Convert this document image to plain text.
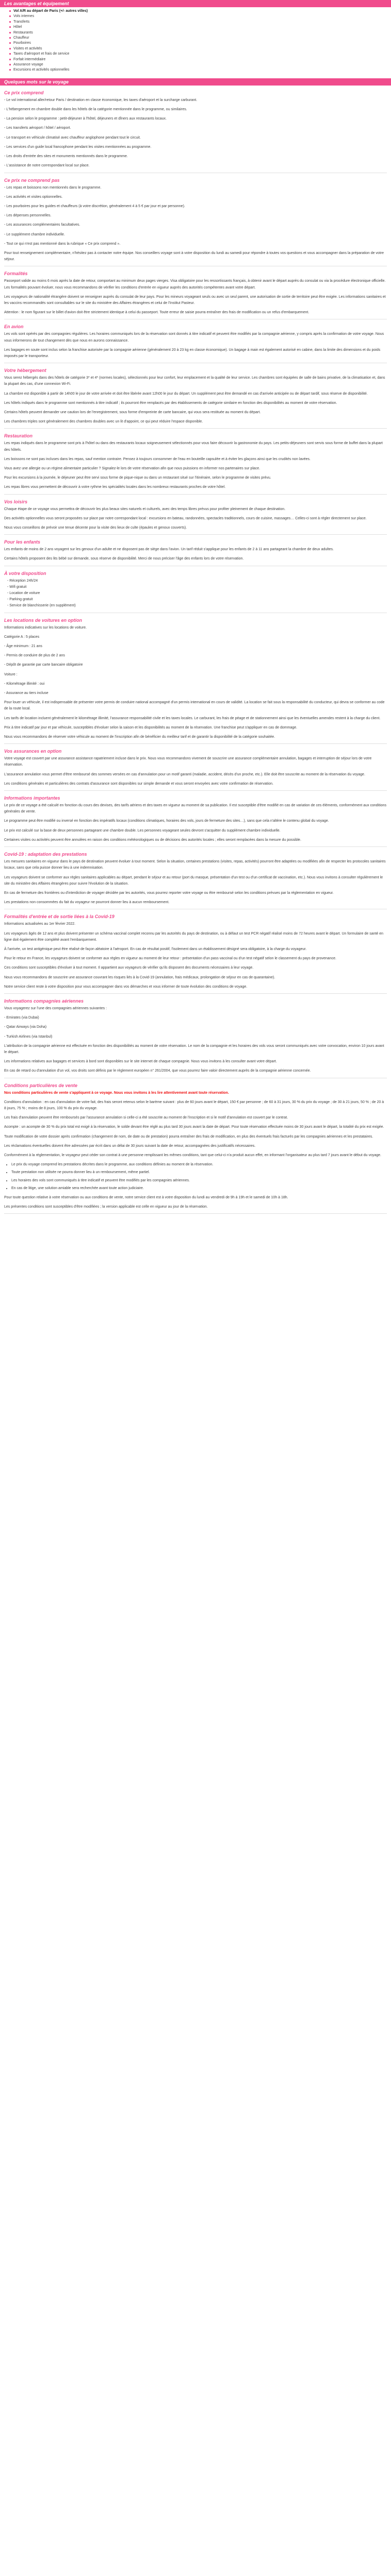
Les avantages et équipement
Vol A/R au départ de Paris (+/- autres villes)
Vols internes
Transferts
Hôtel
Restaurants
Chauffeur
Pourboires
Visites et activités
Taxes d'aéroport et frais de service
Forfait intermédiaire
Assurance voyage
Excursions et activités optionnelles
Quelques mots sur le voyage
Ce prix comprend

- Le vol international aller/retour Paris / destination en classe économique, les taxes d'aéroport et la surcharge carburant.

- L'hébergement en chambre double dans les hôtels de la catégorie mentionnée dans le programme, ou similaires.

- La pension selon le programme : petit-déjeuner à l'hôtel, déjeuners et dîners aux restaurants locaux.

- Les transferts aéroport / hôtel / aéroport.

- Le transport en véhicule climatisé avec chauffeur anglophone pendant tout le circuit.

- Les services d'un guide local francophone pendant les visites mentionnées au programme.

- Les droits d'entrée des sites et monuments mentionnés dans le programme.

- L'assistance de notre correspondant local sur place.

Ce prix ne comprend pas

- Les repas et boissons non mentionnés dans le programme.

- Les activités et visites optionnelles.

- Les pourboires pour les guides et chauffeurs (à votre discrétion, généralement 4 à 5 € par jour et par personne).

- Les dépenses personnelles.

- Les assurances complémentaires facultatives.

- Le supplément chambre individuelle.

- Tout ce qui n'est pas mentionné dans la rubrique « Ce prix comprend ».

Pour tout renseignement complémentaire, n'hésitez pas à contacter notre équipe. Nos conseillers voyage sont à votre disposition du lundi au samedi pour répondre à toutes vos questions et vous accompagner dans la préparation de votre séjour.

Formalités

Passeport valide au moins 6 mois après la date de retour, comportant au minimum deux pages vierges. Visa obligatoire pour les ressortissants français, à obtenir avant le départ auprès du consulat ou via la procédure électronique officielle. Les formalités pouvant évoluer, nous vous recommandons de vérifier les conditions d'entrée en vigueur auprès des autorités compétentes avant votre départ.

Les voyageurs de nationalité étrangère doivent se renseigner auprès du consulat de leur pays. Pour les mineurs voyageant seuls ou avec un seul parent, une autorisation de sortie de territoire peut être exigée. Les informations sanitaires et les vaccins recommandés sont consultables sur le site du ministère des Affaires étrangères et celui de l'Institut Pasteur.

Attention : le nom figurant sur le billet d'avion doit être strictement identique à celui du passeport. Toute erreur de saisie pourra entraîner des frais de modification ou un refus d'embarquement.

En avion

Les vols sont opérés par des compagnies régulières. Les horaires communiqués lors de la réservation sont donnés à titre indicatif et peuvent être modifiés par la compagnie aérienne, y compris après la confirmation de votre voyage. Nous vous informerons de tout changement dès que nous en aurons connaissance.

Les bagages en soute sont inclus selon la franchise autorisée par la compagnie aérienne (généralement 20 à 23 kg en classe économique). Un bagage à main est également autorisé en cabine, dans la limite des dimensions et du poids imposés par le transporteur.

Votre hébergement

Vous serez hébergés dans des hôtels de catégorie 3* et 4* (normes locales), sélectionnés pour leur confort, leur emplacement et la qualité de leur service. Les chambres sont équipées de salle de bains privative, de la climatisation et, dans la plupart des cas, d'une connexion Wi-Fi.

La chambre est disponible à partir de 14h00 le jour de votre arrivée et doit être libérée avant 12h00 le jour du départ. Un supplément peut être demandé en cas d'arrivée anticipée ou de départ tardif, sous réserve de disponibilité.

Les hôtels indiqués dans le programme sont mentionnés à titre indicatif ; ils pourront être remplacés par des établissements de catégorie similaire en fonction des disponibilités au moment de votre réservation.

Certains hôtels peuvent demander une caution lors de l'enregistrement, sous forme d'empreinte de carte bancaire, qui vous sera restituée au moment du départ.

Les chambres triples sont généralement des chambres doubles avec un lit d'appoint, ce qui peut réduire l'espace disponible.

Restauration

Les repas indiqués dans le programme sont pris à l'hôtel ou dans des restaurants locaux soigneusement sélectionnés pour vous faire découvrir la gastronomie du pays. Les petits-déjeuners sont servis sous forme de buffet dans la plupart des hôtels.

Les boissons ne sont pas incluses dans les repas, sauf mention contraire. Pensez à toujours consommer de l'eau en bouteille capsulée et à éviter les glaçons ainsi que les crudités non lavées.

Vous avez une allergie ou un régime alimentaire particulier ? Signalez-le lors de votre réservation afin que nous puissions en informer nos partenaires sur place.

Pour les excursions à la journée, le déjeuner peut être servi sous forme de pique-nique ou dans un restaurant situé sur l'itinéraire, selon le programme de visites prévu.

Les repas libres vous permettent de découvrir à votre rythme les spécialités locales dans les nombreux restaurants proches de votre hôtel.

Vos loisirs

Chaque étape de ce voyage vous permettra de découvrir les plus beaux sites naturels et culturels, avec des temps libres prévus pour profiter pleinement de chaque destination.

Des activités optionnelles vous seront proposées sur place par notre correspondant local : excursions en bateau, randonnées, spectacles traditionnels, cours de cuisine, massages… Celles-ci sont à régler directement sur place.

Nous vous conseillons de prévoir une tenue décente pour la visite des lieux de culte (épaules et genoux couverts).

Pour les enfants

Les enfants de moins de 2 ans voyagent sur les genoux d'un adulte et ne disposent pas de siège dans l'avion. Un tarif réduit s'applique pour les enfants de 2 à 11 ans partageant la chambre de deux adultes.

Certains hôtels proposent des lits bébé sur demande, sous réserve de disponibilité. Merci de nous préciser l'âge des enfants lors de votre réservation.

À votre disposition
- Réception 24h/24
- Wifi gratuit
- Location de voiture
- Parking gratuit
- Service de blanchisserie (en supplément)
Les locations de voitures en option

Informations indicatives sur les locations de voiture.

Catégorie A : 5 places

- Âge minimum : 21 ans

- Permis de conduire de plus de 2 ans

- Dépôt de garantie par carte bancaire obligatoire

Voiture :

- Kilométrage illimité : oui

- Assurance au tiers incluse

Pour louer un véhicule, il est indispensable de présenter votre permis de conduire national accompagné d'un permis international en cours de validité. La location se fait sous la responsabilité du conducteur, qui devra se conformer au code de la route local.

Les tarifs de location incluent généralement le kilométrage illimité, l'assurance responsabilité civile et les taxes locales. Le carburant, les frais de péage et de stationnement ainsi que les éventuelles amendes restent à la charge du client.

Prix à titre indicatif par jour et par véhicule, susceptibles d'évoluer selon la saison et les disponibilités au moment de la réservation. Une franchise peut s'appliquer en cas de dommage.

Nous vous recommandons de réserver votre véhicule au moment de l'inscription afin de bénéficier du meilleur tarif et de garantir la disponibilité de la catégorie souhaitée.

Vos assurances en option

Votre voyage est couvert par une assurance assistance rapatriement incluse dans le prix. Nous vous recommandons vivement de souscrire une assurance complémentaire annulation, bagages et interruption de séjour lors de votre réservation.

L'assurance annulation vous permet d'être remboursé des sommes versées en cas d'annulation pour un motif garanti (maladie, accident, décès d'un proche, etc.). Elle doit être souscrite au moment de la réservation du voyage.

Les conditions générales et particulières des contrats d'assurance sont disponibles sur simple demande et vous seront envoyées avec votre confirmation de réservation.

Informations importantes

Le prix de ce voyage a été calculé en fonction du cours des devises, des tarifs aériens et des taxes en vigueur au moment de sa publication. Il est susceptible d'être modifié en cas de variation de ces éléments, conformément aux conditions générales de vente.

Le programme peut être modifié ou inversé en fonction des impératifs locaux (conditions climatiques, horaires des vols, jours de fermeture des sites…), sans que cela n'altère le contenu global du voyage.

Le prix est calculé sur la base de deux personnes partageant une chambre double. Les personnes voyageant seules devront s'acquitter du supplément chambre individuelle.

Certaines visites ou activités peuvent être annulées en raison des conditions météorologiques ou de décisions des autorités locales ; elles seront remplacées dans la mesure du possible.

Covid-19 : adaptation des prestations

Les mesures sanitaires en vigueur dans le pays de destination peuvent évoluer à tout moment. Selon la situation, certaines prestations (visites, repas, activités) pourront être adaptées ou modifiées afin de respecter les protocoles sanitaires locaux, sans que cela puisse donner lieu à une indemnisation.

Les voyageurs doivent se conformer aux règles sanitaires applicables au départ, pendant le séjour et au retour (port du masque, présentation d'un test ou d'un certificat de vaccination, etc.). Nous vous invitons à consulter régulièrement le site du ministère des Affaires étrangères pour suivre l'évolution de la situation.

En cas de fermeture des frontières ou d'interdiction de voyager décidée par les autorités, vous pourrez reporter votre voyage ou être remboursé selon les conditions prévues par la réglementation en vigueur.

Les prestations non consommées du fait du voyageur ne pourront donner lieu à aucun remboursement.

Formalités d'entrée et de sortie liées à la Covid-19

Informations actualisées au 1er février 2022.

Les voyageurs âgés de 12 ans et plus doivent présenter un schéma vaccinal complet reconnu par les autorités du pays de destination, ou à défaut un test PCR négatif réalisé moins de 72 heures avant le départ. Un formulaire de santé en ligne doit également être complété avant l'embarquement.

À l'arrivée, un test antigénique peut être réalisé de façon aléatoire à l'aéroport. En cas de résultat positif, l'isolement dans un établissement désigné sera obligatoire, à la charge du voyageur.

Pour le retour en France, les voyageurs doivent se conformer aux règles en vigueur au moment de leur retour : présentation d'un pass vaccinal ou d'un test négatif selon le classement du pays de provenance.

Ces conditions sont susceptibles d'évoluer à tout moment. Il appartient aux voyageurs de vérifier qu'ils disposent des documents nécessaires à leur voyage.

Nous vous recommandons de souscrire une assurance couvrant les risques liés à la Covid-19 (annulation, frais médicaux, prolongation de séjour en cas de quarantaine).

Notre service client reste à votre disposition pour vous accompagner dans vos démarches et vous informer de toute évolution des conditions de voyage.

Informations compagnies aériennes

Vous voyagerez sur l'une des compagnies aériennes suivantes :

- Emirates (via Dubai)

- Qatar Airways (via Doha)

- Turkish Airlines (via Istanbul)

L'attribution de la compagnie aérienne est effectuée en fonction des disponibilités au moment de votre réservation. Le nom de la compagnie et les horaires des vols vous seront communiqués avec votre convocation, environ 10 jours avant le départ.

Les informations relatives aux bagages et services à bord sont disponibles sur le site internet de chaque compagnie. Nous vous invitons à les consulter avant votre départ.

En cas de retard ou d'annulation d'un vol, vos droits sont définis par le règlement européen n° 261/2004, que vous pourrez faire valoir directement auprès de la compagnie aérienne concernée.

Conditions particulières de vente

Nos conditions particulières de vente s'appliquent à ce voyage. Nous vous invitons à les lire attentivement avant toute réservation.

Conditions d'annulation : en cas d'annulation de votre fait, des frais seront retenus selon le barème suivant : plus de 60 jours avant le départ, 150 € par personne ; de 60 à 31 jours, 30 % du prix du voyage ; de 30 à 21 jours, 50 % ; de 20 à 8 jours, 75 % ; moins de 8 jours, 100 % du prix du voyage.

Les frais d'annulation peuvent être remboursés par l'assurance annulation si celle-ci a été souscrite au moment de l'inscription et si le motif d'annulation est couvert par le contrat.

Acompte : un acompte de 30 % du prix total est exigé à la réservation, le solde devant être réglé au plus tard 30 jours avant la date de départ. Pour toute réservation effectuée moins de 30 jours avant le départ, la totalité du prix est exigée.

Toute modification de votre dossier après confirmation (changement de nom, de date ou de prestation) pourra entraîner des frais de modification, en plus des éventuels frais facturés par les compagnies aériennes et les prestataires.

Les réclamations éventuelles doivent être adressées par écrit dans un délai de 30 jours suivant la date de retour, accompagnées des justificatifs nécessaires.

Conformément à la réglementation, le voyageur peut céder son contrat à une personne remplissant les mêmes conditions, tant que celui-ci n'a produit aucun effet, en informant l'organisateur au plus tard 7 jours avant le début du voyage.

• Le prix du voyage comprend les prestations décrites dans le programme, aux conditions définies au moment de la réservation.
• Toute prestation non utilisée ne pourra donner lieu à un remboursement, même partiel.
• Les horaires des vols sont communiqués à titre indicatif et peuvent être modifiés par les compagnies aériennes.
• En cas de litige, une solution amiable sera recherchée avant toute action judiciaire.

Pour toute question relative à votre réservation ou aux conditions de vente, notre service client est à votre disposition du lundi au vendredi de 9h à 19h et le samedi de 10h à 18h.

Les présentes conditions sont susceptibles d'être modifiées ; la version applicable est celle en vigueur au jour de la réservation.
